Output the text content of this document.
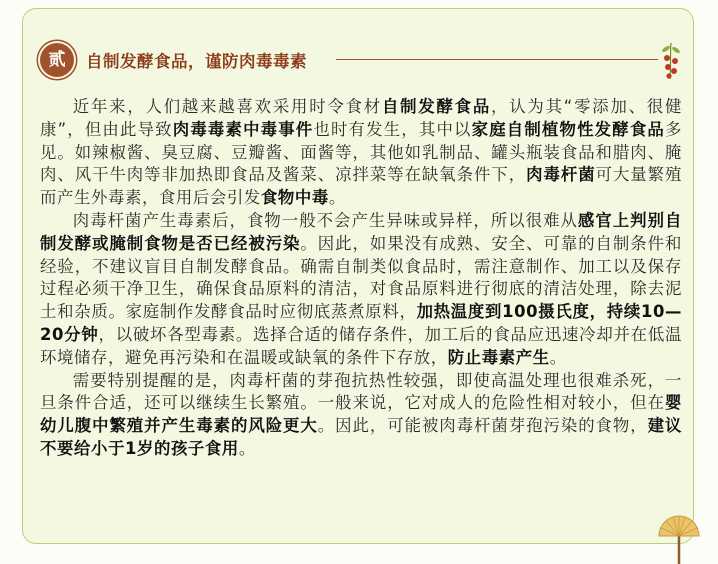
贰	自制发酵食品，谨防肉毒毒素

近年来，人们越来越喜欢采用时令食材自制发酵食品，认为其“零添加、很健康”，但由此导致肉毒毒素中毒事件也时有发生，其中以家庭自制植物性发酵食品多见。如辣椒酱、臭豆腐、豆瓣酱、面酱等，其他如乳制品、罐头瓶装食品和腊肉、腌肉、风干牛肉等非加热即食品及酱菜、凉拌菜等在缺氧条件下，肉毒杆菌可大量繁殖而产生外毒素，食用后会引发食物中毒。

肉毒杆菌产生毒素后，食物一般不会产生异味或异样，所以很难从感官上判别自制发酵或腌制食物是否已经被污染。因此，如果没有成熟、安全、可靠的自制条件和经验，不建议盲目自制发酵食品。确需自制类似食品时，需注意制作、加工以及保存过程必须干净卫生，确保食品原料的清洁，对食品原料进行彻底的清洁处理，除去泥土和杂质。家庭制作发酵食品时应彻底蒸煮原料，加热温度到100摄氏度，持续10—20分钟，以破坏各型毒素。选择合适的储存条件，加工后的食品应迅速冷却并在低温环境储存，避免再污染和在温暖或缺氧的条件下存放，防止毒素产生。

需要特别提醒的是，肉毒杆菌的芽孢抗热性较强，即使高温处理也很难杀死，一旦条件合适，还可以继续生长繁殖。一般来说，它对成人的危险性相对较小，但在婴幼儿腹中繁殖并产生毒素的风险更大。因此，可能被肉毒杆菌芽孢污染的食物，建议不要给小于1岁的孩子食用。
